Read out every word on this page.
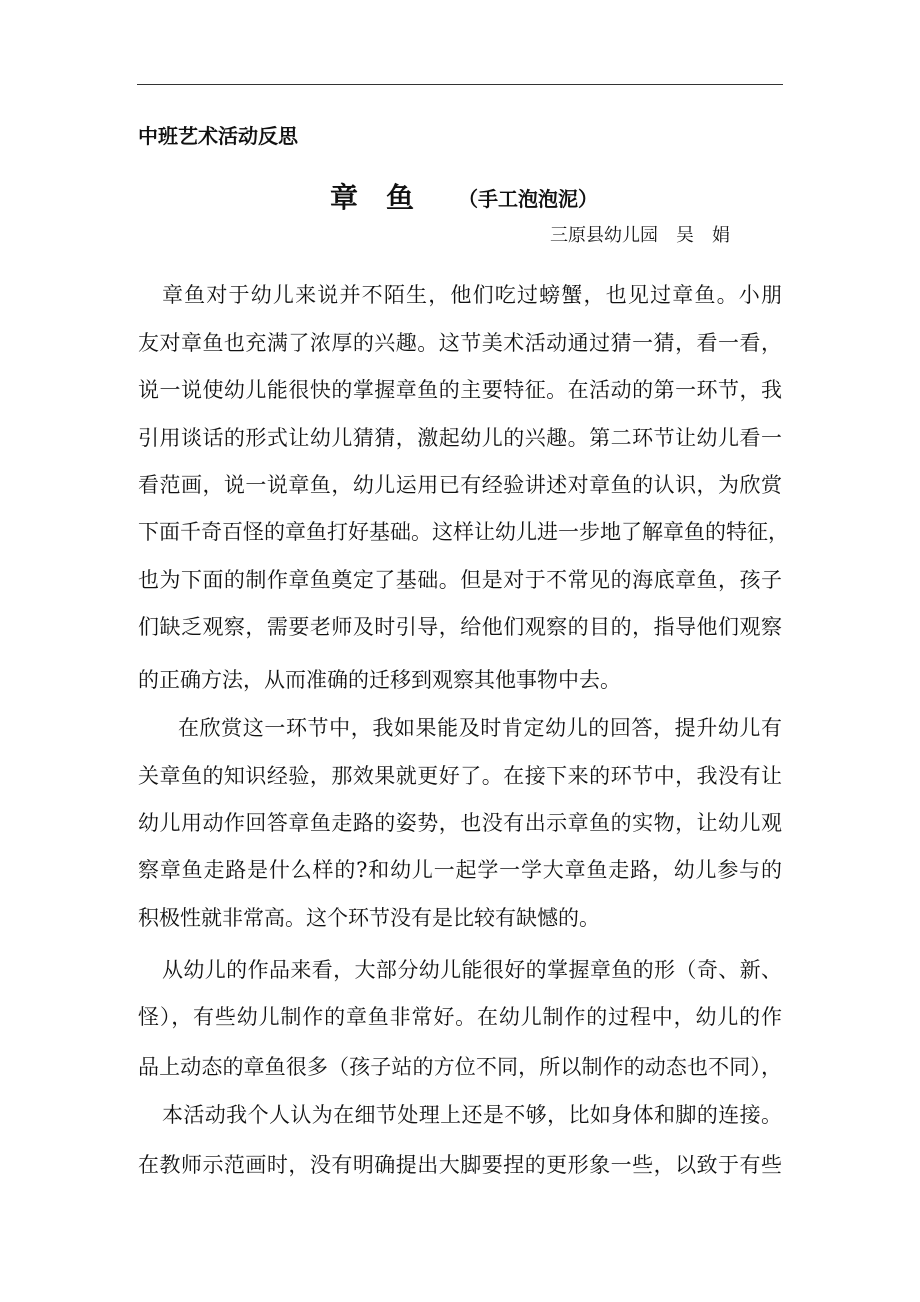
中班艺术活动反思
章 鱼 （手工泡泡泥）
三原县幼儿园　吴　娟
章鱼对于幼儿来说并不陌生，他们吃过螃蟹，也见过章鱼。小朋
友对章鱼也充满了浓厚的兴趣。这节美术活动通过猜一猜，看一看，
说一说使幼儿能很快的掌握章鱼的主要特征。在活动的第一环节，我
引用谈话的形式让幼儿猜猜，激起幼儿的兴趣。第二环节让幼儿看一
看范画，说一说章鱼，幼儿运用已有经验讲述对章鱼的认识，为欣赏
下面千奇百怪的章鱼打好基础。这样让幼儿进一步地了解章鱼的特征，
也为下面的制作章鱼奠定了基础。但是对于不常见的海底章鱼，孩子
们缺乏观察，需要老师及时引导，给他们观察的目的，指导他们观察
的正确方法，从而准确的迁移到观察其他事物中去。
在欣赏这一环节中，我如果能及时肯定幼儿的回答，提升幼儿有
关章鱼的知识经验，那效果就更好了。在接下来的环节中，我没有让
幼儿用动作回答章鱼走路的姿势，也没有出示章鱼的实物，让幼儿观
察章鱼走路是什么样的?和幼儿一起学一学大章鱼走路，幼儿参与的
积极性就非常高。这个环节没有是比较有缺憾的。
从幼儿的作品来看，大部分幼儿能很好的掌握章鱼的形（奇、新、
怪），有些幼儿制作的章鱼非常好。在幼儿制作的过程中，幼儿的作
品上动态的章鱼很多（孩子站的方位不同，所以制作的动态也不同），
本活动我个人认为在细节处理上还是不够，比如身体和脚的连接。
在教师示范画时，没有明确提出大脚要捏的更形象一些，以致于有些
